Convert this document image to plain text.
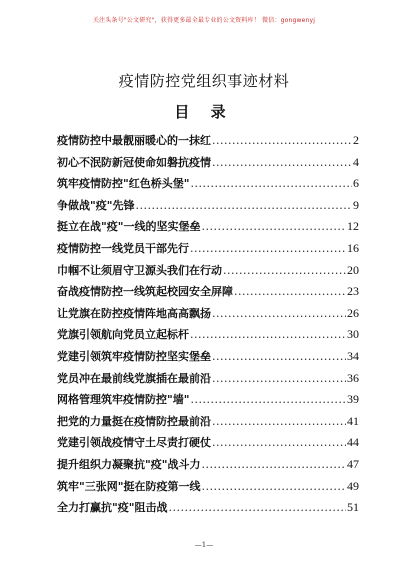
关注头条号"公文研究"，获得更多最全最专业的公文资料库！ 微信：gongwenyj
疫情防控党组织事迹材料
目 录
疫情防控中最靓丽暖心的一抹红 .....	2
初心不泯防新冠使命如磐抗疫情 .....	4
筑牢疫情防控"红色桥头堡" .....	6
争做战"疫"先锋 .....	9
挺立在战"疫"一线的坚实堡垒 .....	12
疫情防控一线党员干部先行 .....	16
巾帼不让须眉守卫源头我们在行动 .....	20
奋战疫情防控一线筑起校园安全屏障 .....	23
让党旗在防控疫情阵地高高飘扬 .....	26
党旗引领航向党员立起标杆 .....	30
党建引领筑牢疫情防控坚实堡垒 .....	34
党员冲在最前线党旗插在最前沿 .....	36
网格管理筑牢疫情防控"墙" .....	39
把党的力量挺在疫情防控最前沿 .....	41
党建引领战疫情守土尽责打硬仗 .....	44
提升组织力凝聚抗"疫"战斗力 .....	47
筑牢"三张网"挺在防疫第一线 .....	49
全力打赢抗"疫"阻击战 .....	51
—1—
